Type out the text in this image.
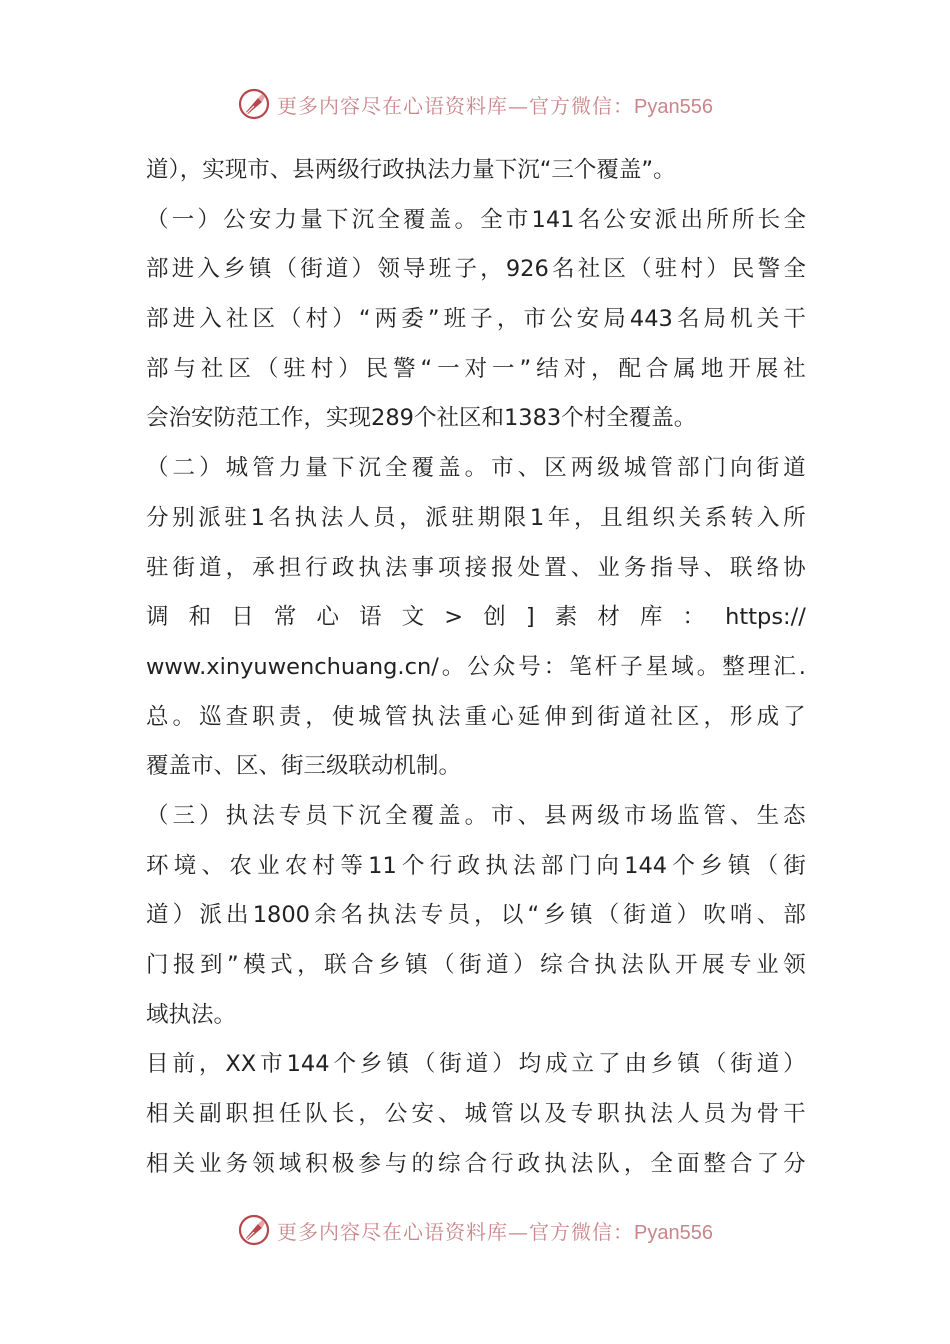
更多内容尽在心语资料库—官方微信：Pyan556
道），实现市、县两级行政执法力量下沉“三个覆盖”。
（ 一 ） 公 安 力 量 下 沉 全 覆 盖 。 全 市 141 名 公 安 派 出 所 所 长 全
部 进 入 乡 镇 （ 街 道 ） 领 导 班 子 ， 926 名 社 区 （ 驻 村 ） 民 警 全
部 进 入 社 区 （ 村 ） “ 两 委 ” 班 子 ， 市 公 安 局 443 名 局 机 关 干
部 与 社 区 （ 驻 村 ） 民 警 “ 一 对 一 ” 结 对 ， 配 合 属 地 开 展 社
会治安防范工作，实现289个社区和1383个村全覆盖。
（ 二 ） 城 管 力 量 下 沉 全 覆 盖 。 市 、 区 两 级 城 管 部 门 向 街 道
分 别 派 驻 1 名 执 法 人 员 ， 派 驻 期 限 1 年 ， 且 组 织 关 系 转 入 所
驻 街 道 ， 承 担 行 政 执 法 事 项 接 报 处 置 、 业 务 指 导 、 联 络 协
调 和 日 常 心 语 文 > 创 ] 素 材 库 ： https://
www.xinyuwenchuang.cn/ 。 公 众 号 ： 笔 杆 子 星 域 。 整 理 汇 .
总 。 巡 查 职 责 ， 使 城 管 执 法 重 心 延 伸 到 街 道 社 区 ， 形 成 了
覆盖市、区、街三级联动机制。
（ 三 ） 执 法 专 员 下 沉 全 覆 盖 。 市 、 县 两 级 市 场 监 管 、 生 态
环 境 、 农 业 农 村 等 11 个 行 政 执 法 部 门 向 144 个 乡 镇 （ 街
道 ） 派 出 1800 余 名 执 法 专 员 ， 以 “ 乡 镇 （ 街 道 ） 吹 哨 、 部
门 报 到 ” 模 式 ， 联 合 乡 镇 （ 街 道 ） 综 合 执 法 队 开 展 专 业 领
域执法。
目 前 ， XX 市 144 个 乡 镇 （ 街 道 ） 均 成 立 了 由 乡 镇 （ 街 道 ）
相 关 副 职 担 任 队 长 ， 公 安 、 城 管 以 及 专 职 执 法 人 员 为 骨 干
相 关 业 务 领 域 积 极 参 与 的 综 合 行 政 执 法 队 ， 全 面 整 合 了 分
更多内容尽在心语资料库—官方微信：Pyan556
